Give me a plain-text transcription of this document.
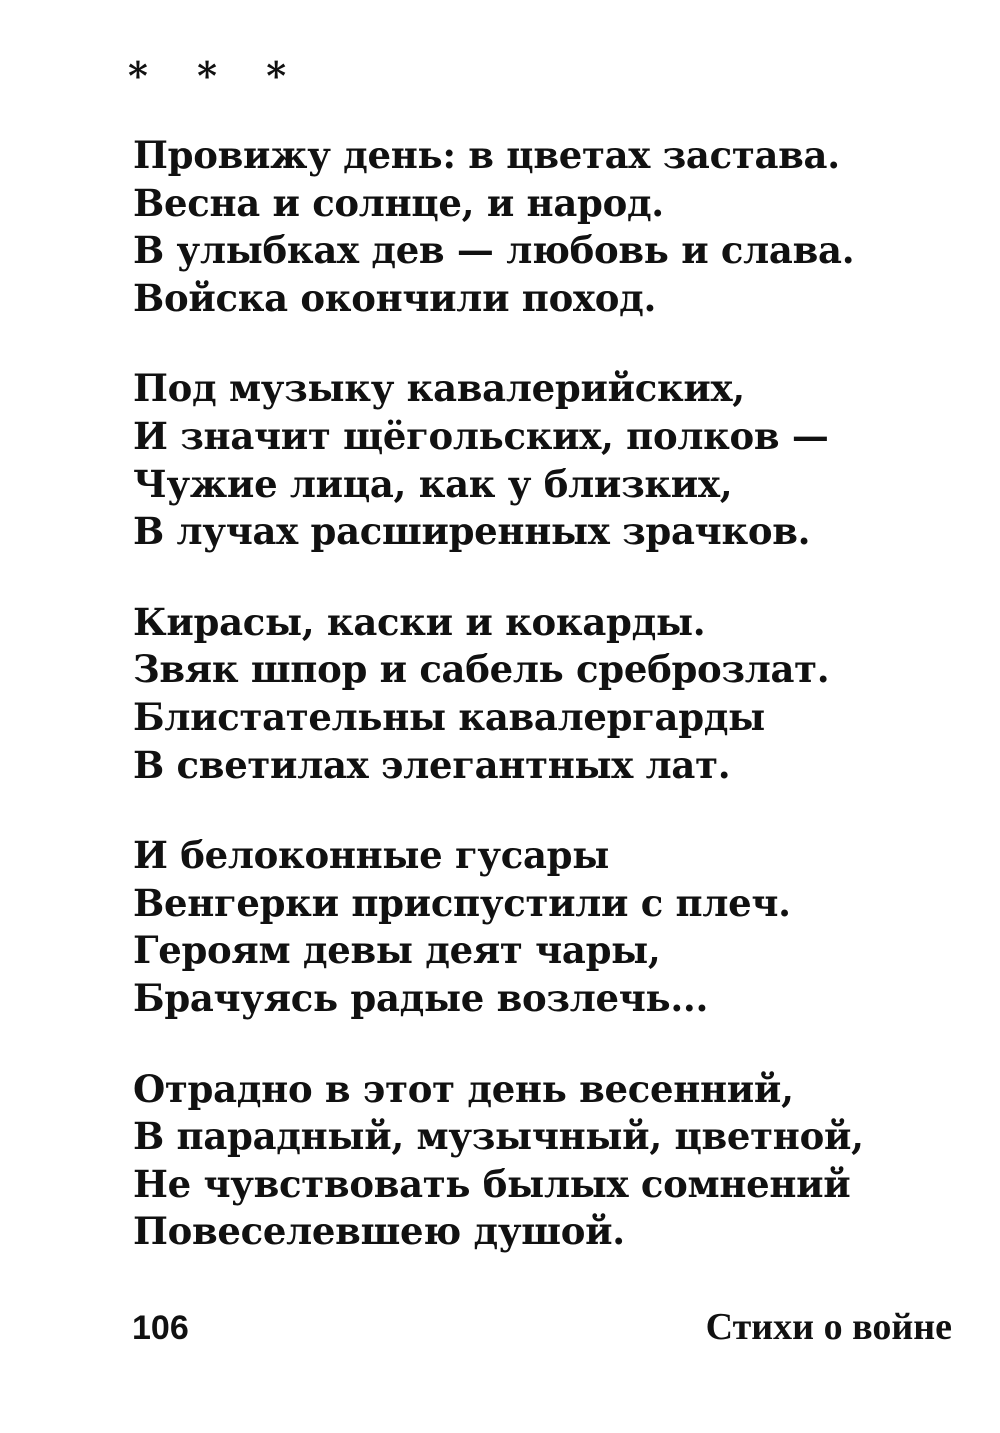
* * *
Провижу день: в цветах застава.
Весна и солнце, и народ.
В улыбках дев — любовь и слава.
Войска окончили поход.
Под музыку кавалерийских,
И значит щёгольских, полков —
Чужие лица, как у близких,
В лучах расширенных зрачков.
Кирасы, каски и кокарды.
Звяк шпор и сабель среброзлат.
Блистательны кавалергарды
В светилах элегантных лат.
И белоконные гусары
Венгерки приспустили с плеч.
Героям девы деят чары,
Брачуясь радые возлечь...
Отрадно в этот день весенний,
В парадный, музычный, цветной,
Не чувствовать былых сомнений
Повеселевшею душой.
106	Стихи о войне
